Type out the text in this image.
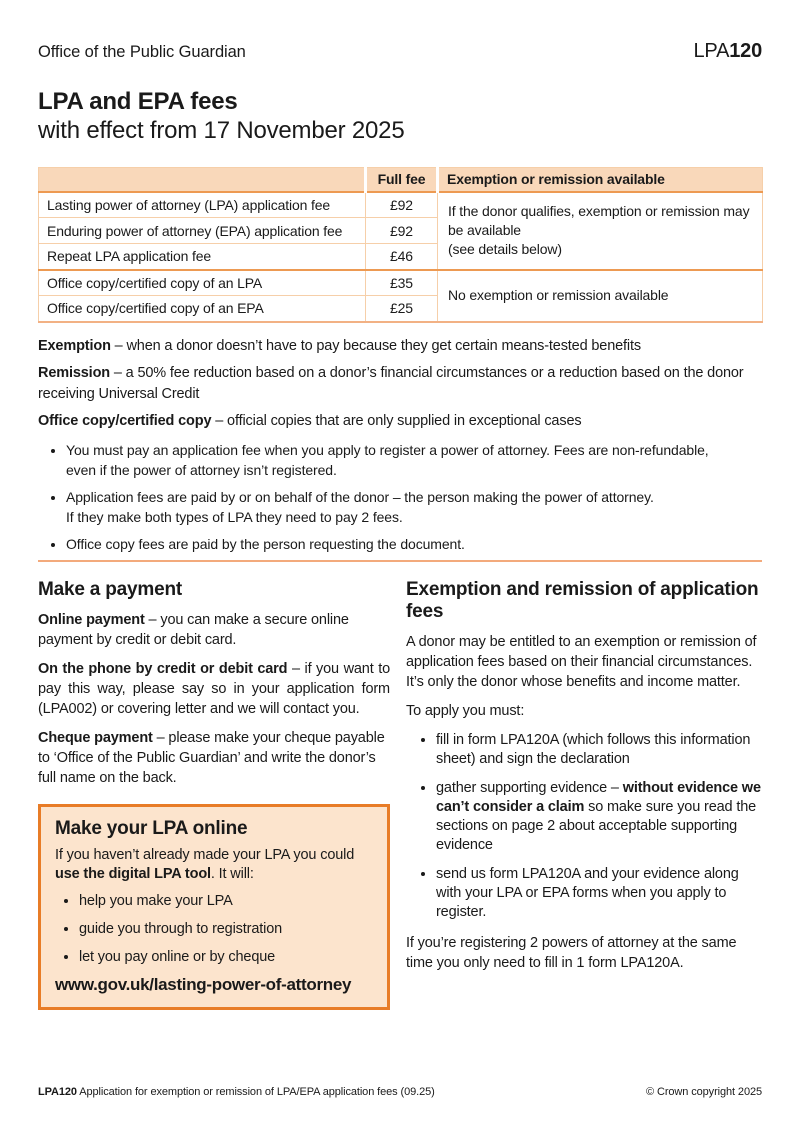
Office of the Public Guardian	LPA120
LPA and EPA fees
with effect from 17 November 2025
	Full fee	Exemption or remission available
Lasting power of attorney (LPA) application fee	£92	If the donor qualifies, exemption or remission may be available
(see details below)

Enduring power of attorney (EPA) application fee	£92	
Repeat LPA application fee	£46	
Office copy/certified copy of an LPA	£35	No exemption or remission available
Office copy/certified copy of an EPA	£25	

Exemption – when a donor doesn’t have to pay because they get certain means-tested benefits

Remission – a 50% fee reduction based on a donor’s financial circumstances or a reduction based on the donor receiving Universal Credit

Office copy/certified copy – official copies that are only supplied in exceptional cases

• You must pay an application fee when you apply to register a power of attorney. Fees are non-refundable,
even if the power of attorney isn’t registered.
• Application fees are paid by or on behalf of the donor – the person making the power of attorney.
If they make both types of LPA they need to pay 2 fees.
• Office copy fees are paid by the person requesting the document.
Make a payment

Online payment – you can make a secure online payment by credit or debit card.

On the phone by credit or debit card – if you want to pay this way, please say so in your application form (LPA002) or covering letter and we will contact you.

Cheque payment – please make your cheque payable to ‘Office of the Public Guardian’ and write the donor’s full name on the back.

Make your LPA online

If you haven’t already made your LPA you could use the digital LPA tool. It will:

• help you make your LPA
• guide you through to registration
• let you pay online or by cheque
www.gov.uk/lasting-power-of-attorney
Exemption and remission of application fees

A donor may be entitled to an exemption or remission of application fees based on their financial circumstances. It’s only the donor whose benefits and income matter.

To apply you must:

• fill in form LPA120A (which follows this information sheet) and sign the declaration
• gather supporting evidence – without evidence we can’t consider a claim so make sure you read the sections on page 2 about acceptable supporting evidence
• send us form LPA120A and your evidence along with your LPA or EPA forms when you apply to register.

If you’re registering 2 powers of attorney at the same time you only need to fill in 1 form LPA120A.

LPA120 Application for exemption or remission of LPA/EPA application fees (09.25)	© Crown copyright 2025
